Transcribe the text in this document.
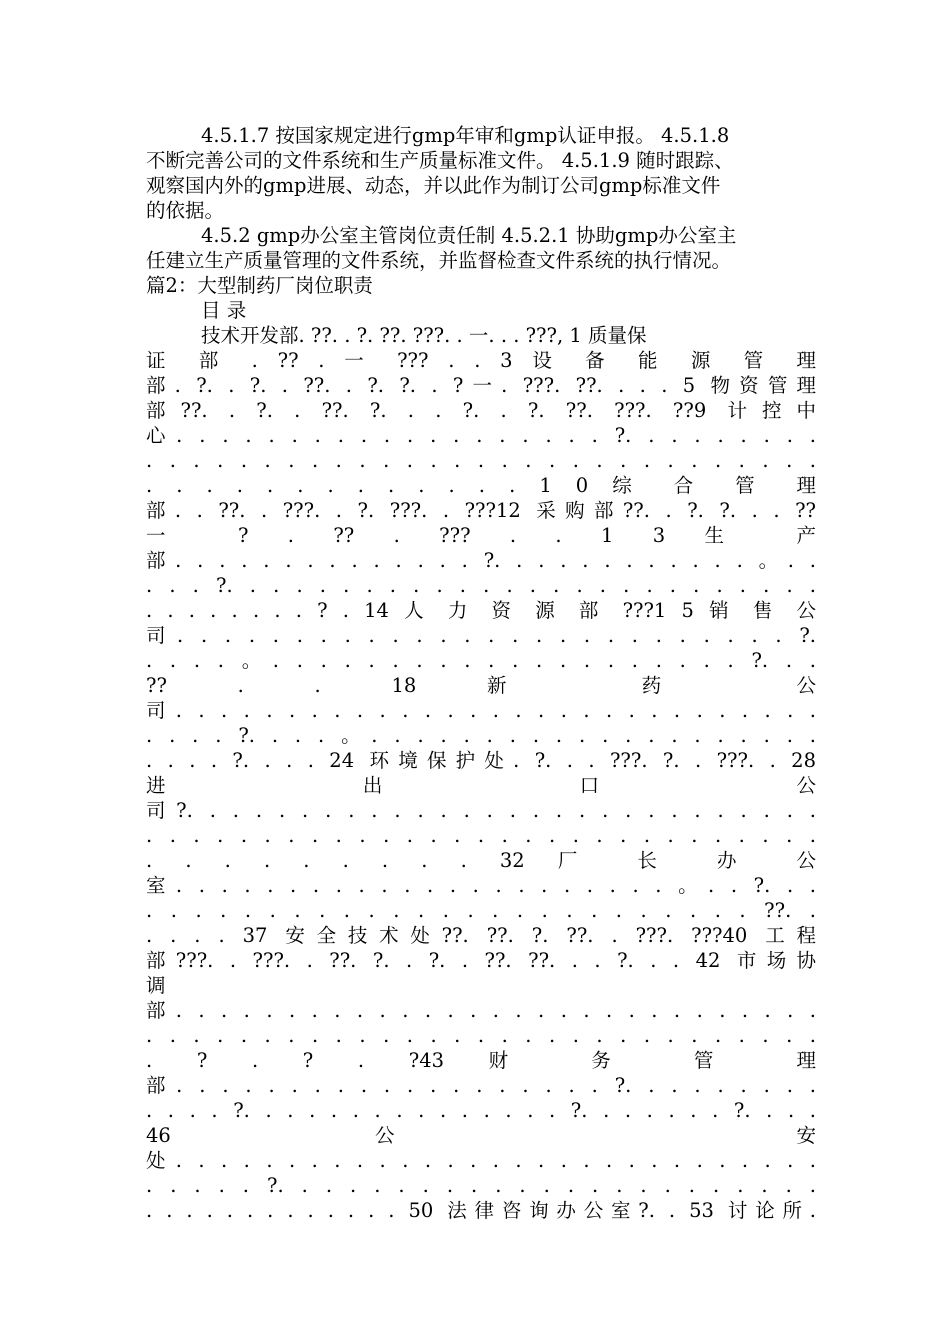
4.5.1.7 按国家规定进行gmp年审和gmp认证申报。 4.5.1.8
不断完善公司的文件系统和生产质量标准文件。 4.5.1.9 随时跟踪、
观察国内外的gmp进展、动态，并以此作为制订公司gmp标准文件
的依据。
4.5.2 gmp办公室主管岗位责任制 4.5.2.1 协助gmp办公室主
任建立生产质量管理的文件系统，并监督检查文件系统的执行情况。
篇2：大型制药厂岗位职责
目 录
技术开发部. ??. . ?. ??. ???. . 一. . . ???, 1 质量保
证 部 . ?? . 一 ??? . . 3 设 备 能 源 管 理
部. ?. . ?. . ??. . ?. ?. . ?一. ???. ??. . . . 5 物资管理
部??. . ?. . ??. ?. . . ?. . ?. ??. ???. ??9 计控中
心. . . . . . . . . . . . . . . . . . . ?. . . . . . . . .
. . . . . . . . . . . . . . . . . . . . . . . . . . . . .
. . . . . . . . . . . . . 1 0 综 合 管 理
部. . ??. . ???. . ?. ???. . ???12 采购部??. . ?. ?. . . ??
一 ? . ?? . ??? . . 1 3 生 产
部. . . . . . . . . . . . . . ?. . . . . . . . . . . . 。. .
. . . ?. . . . . . . . . . . . . . . . . . . . . . . . . .
. . . . . . . . ? . 14 人 力 资 源 部 ???1 5 销 售 公
司. . . . . . . . . . . . . . . . . . . . . . . . . . ?.
. . . . 。. . . . . . . . . . . . . . . . . . . . ?. . .
?? . . 18 新 药 公
司. . . . . . . . . . . . . . . . . . . . . . . . . . . . .
. . . . ?. . . . 。. . . . . . . . . . . . . . . . . . . .
. . . . ?. . . . 24 环境保护处. ?. . . ???. ?. . ???. . 28
进 出 口 公
司?. . . . . . . . . . . . . . . . . . . . . . . . . . . .
. . . . . . . . . . . . . . . . . . . . . . . . . . . . .
. . . . . . . . . 32 厂 长 办 公
室. . . . . . . . . . . . . . . . . . . . . . 。. . ?. . .
. . . . . . . . . . . . . . . . . . . . . . . . . ??. .
. . . . 37 安全技术处??. ??. ?. ??. . ???. ???40 工程
部???. . ???. . ??. ?. . ?. . ??. ??. . . ?. . . 42 市场协
调
部. . . . . . . . . . . . . . . . . . . . . . . . . . . . .
. . . . . . . . . . . . . . . . . . . . . . . . . . . . .
. ? . ? . ?43 财 务 管 理
部. . . . . . . . . . . . . . . . . . . ?. . . . . . . . .
. . . . ?. . . . . . . . . . . . . . . ?. . . . . . . ?. . . .
46 公 安
处. . . . . . . . . . . . . . . . . . . . . . . . . . . . .
. . . . . ?. . . . . . . . . . . . . . . . . . . . . . .
. . . . . . . . . . . . . 50 法律咨询办公室?. . 53 讨论所.
